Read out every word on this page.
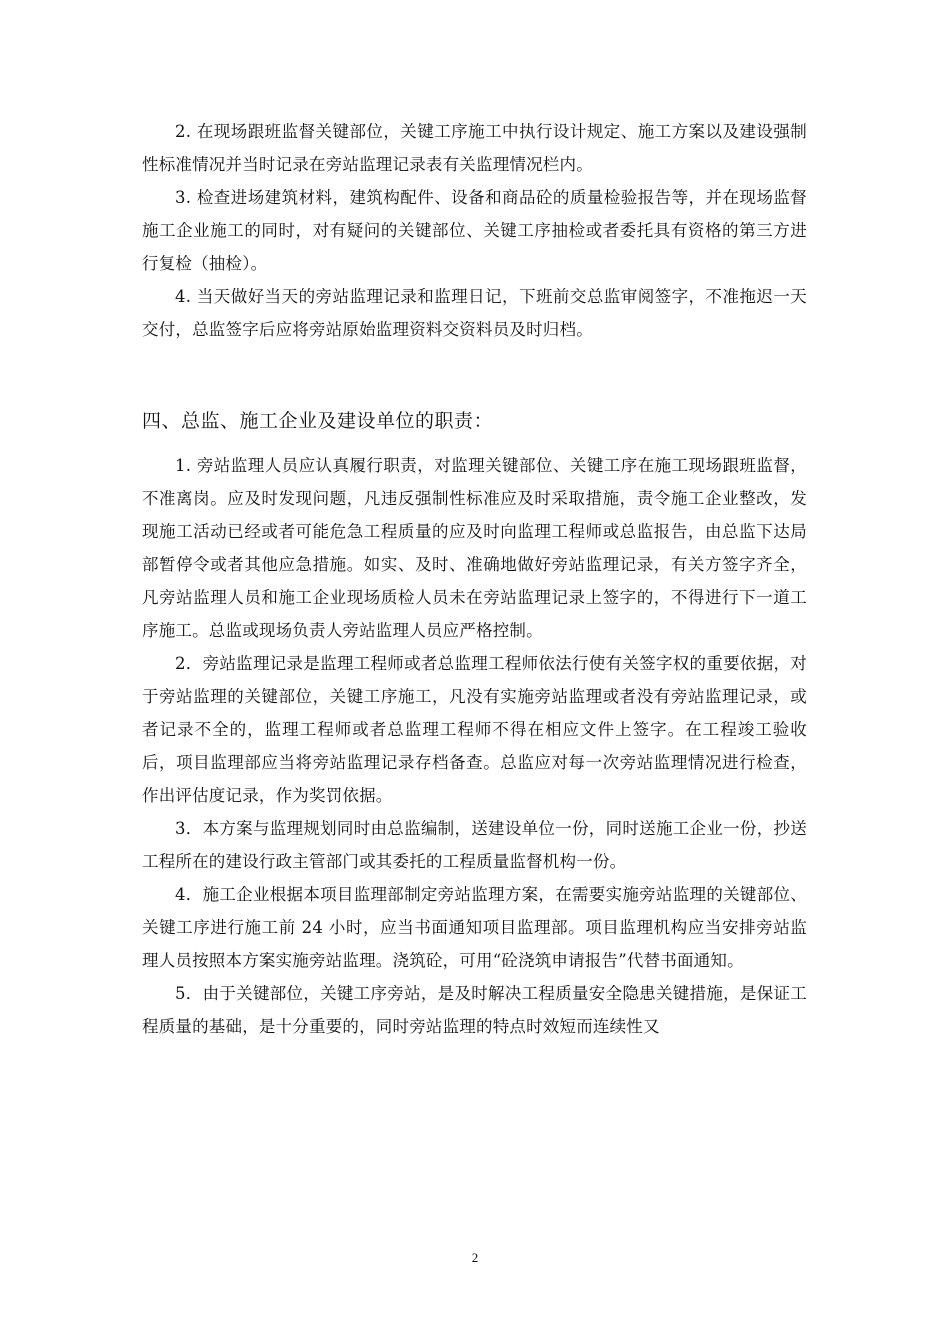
2. 在现场跟班监督关键部位，关键工序施工中执行设计规定、施工方案以及建设强制性标准情况并当时记录在旁站监理记录表有关监理情况栏内。

3. 检查进场建筑材料，建筑构配件、设备和商品砼的质量检验报告等，并在现场监督施工企业施工的同时，对有疑问的关键部位、关键工序抽检或者委托具有资格的第三方进行复检（抽检）。

4. 当天做好当天的旁站监理记录和监理日记，下班前交总监审阅签字，不准拖迟一天交付，总监签字后应将旁站原始监理资料交资料员及时归档。

四、总监、施工企业及建设单位的职责：

1. 旁站监理人员应认真履行职责，对监理关键部位、关键工序在施工现场跟班监督，不准离岗。应及时发现问题，凡违反强制性标准应及时采取措施，责令施工企业整改，发现施工活动已经或者可能危急工程质量的应及时向监理工程师或总监报告，由总监下达局部暂停令或者其他应急措施。如实、及时、准确地做好旁站监理记录，有关方签字齐全，凡旁站监理人员和施工企业现场质检人员未在旁站监理记录上签字的，不得进行下一道工序施工。总监或现场负责人旁站监理人员应严格控制。

2．旁站监理记录是监理工程师或者总监理工程师依法行使有关签字权的重要依据，对于旁站监理的关键部位，关键工序施工，凡没有实施旁站监理或者没有旁站监理记录，或者记录不全的，监理工程师或者总监理工程师不得在相应文件上签字。在工程竣工验收后，项目监理部应当将旁站监理记录存档备查。总监应对每一次旁站监理情况进行检查，作出评估度记录，作为奖罚依据。

3．本方案与监理规划同时由总监编制，送建设单位一份，同时送施工企业一份，抄送工程所在的建设行政主管部门或其委托的工程质量监督机构一份。

4．施工企业根据本项目监理部制定旁站监理方案，在需要实施旁站监理的关键部位、关键工序进行施工前 24 小时，应当书面通知项目监理部。项目监理机构应当安排旁站监理人员按照本方案实施旁站监理。浇筑砼，可用“砼浇筑申请报告”代替书面通知。

5．由于关键部位，关键工序旁站，是及时解决工程质量安全隐患关键措施，是保证工程质量的基础，是十分重要的，同时旁站监理的特点时效短而连续性又

2
